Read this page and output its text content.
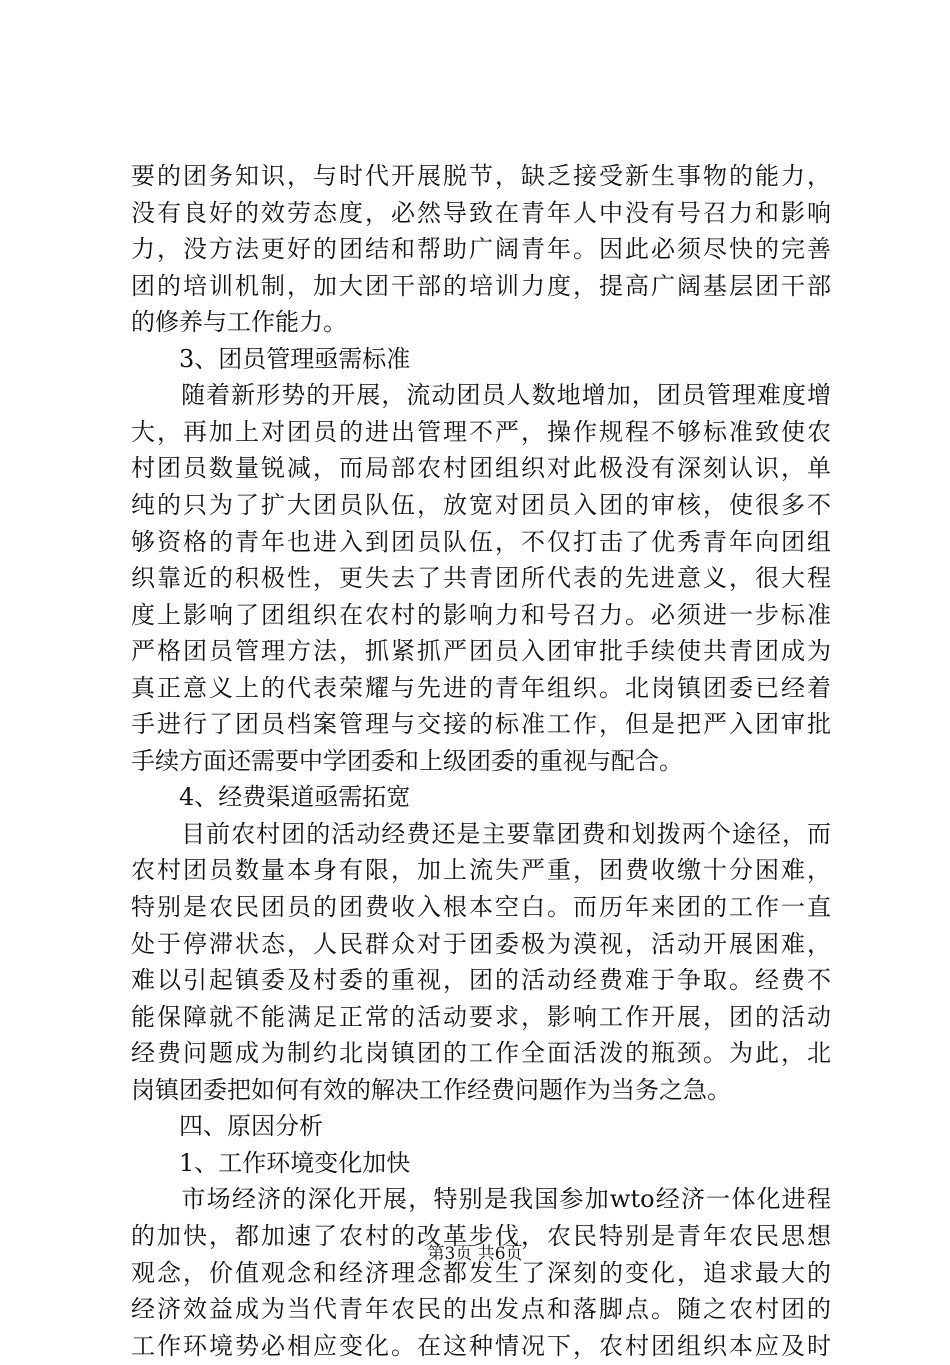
要的团务知识，与时代开展脱节，缺乏接受新生事物的能力，
没有良好的效劳态度，必然导致在青年人中没有号召力和影响
力，没方法更好的团结和帮助广阔青年。因此必须尽快的完善
团的培训机制，加大团干部的培训力度，提高广阔基层团干部
的修养与工作能力。
　　3、团员管理亟需标准
　　随着新形势的开展，流动团员人数地增加，团员管理难度增
大，再加上对团员的进出管理不严，操作规程不够标准致使农
村团员数量锐减，而局部农村团组织对此极没有深刻认识，单
纯的只为了扩大团员队伍，放宽对团员入团的审核，使很多不
够资格的青年也进入到团员队伍，不仅打击了优秀青年向团组
织靠近的积极性，更失去了共青团所代表的先进意义，很大程
度上影响了团组织在农村的影响力和号召力。必须进一步标准
严格团员管理方法，抓紧抓严团员入团审批手续使共青团成为
真正意义上的代表荣耀与先进的青年组织。北岗镇团委已经着
手进行了团员档案管理与交接的标准工作，但是把严入团审批
手续方面还需要中学团委和上级团委的重视与配合。
　　4、经费渠道亟需拓宽
　　目前农村团的活动经费还是主要靠团费和划拨两个途径，而
农村团员数量本身有限，加上流失严重，团费收缴十分困难，
特别是农民团员的团费收入根本空白。而历年来团的工作一直
处于停滞状态，人民群众对于团委极为漠视，活动开展困难，
难以引起镇委及村委的重视，团的活动经费难于争取。经费不
能保障就不能满足正常的活动要求，影响工作开展，团的活动
经费问题成为制约北岗镇团的工作全面活泼的瓶颈。为此，北
岗镇团委把如何有效的解决工作经费问题作为当务之急。
　　四、原因分析
　　1、工作环境变化加快
　　市场经济的深化开展，特别是我国参加wto经济一体化进程
的加快，都加速了农村的改革步伐，农民特别是青年农民思想
观念，价值观念和经济理念都发生了深刻的变化，追求最大的
经济效益成为当代青年农民的出发点和落脚点。随之农村团的
工作环境势必相应变化。在这种情况下，农村团组织本应及时
第3页 共6页
